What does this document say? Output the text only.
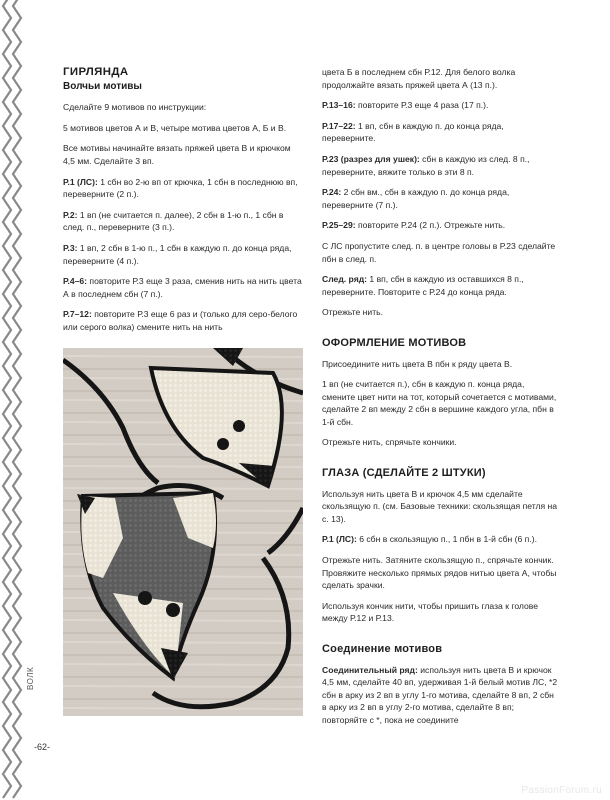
ГИРЛЯНДА
Волчьи мотивы

Сделайте 9 мотивов по инструкции:

5 мотивов цветов А и В, четыре мотива цветов А, Б и В.

Все мотивы начинайте вязать пряжей цвета В и крючком 4,5 мм. Сделайте 3 вп.

Р.1 (ЛС): 1 сбн во 2-ю вп от крючка, 1 сбн в последнюю вп, переверните (2 п.).

Р.2: 1 вп (не считается п. далее), 2 сбн в 1-ю п., 1 сбн в след. п., переверните (3 п.).

Р.3: 1 вп, 2 сбн в 1-ю п., 1 сбн в каждую п. до конца ряда, переверните (4 п.).

Р.4–6: повторите Р.3 еще 3 раза, сменив нить на нить цвета А в последнем сбн (7 п.).

Р.7–12: повторите Р.3 еще 6 раз и (только для серо-белого или серого волка) смените нить на нить

цвета Б в последнем сбн Р.12. Для белого волка продолжайте вязать пряжей цвета А (13 п.).

Р.13–16: повторите Р.3 еще 4 раза (17 п.).

Р.17–22: 1 вп, сбн в каждую п. до конца ряда, переверните.

Р.23 (разрез для ушек): сбн в каждую из след. 8 п., переверните, вяжите только в эти 8 п.

Р.24: 2 сбн вм., сбн в каждую п. до конца ряда, переверните (7 п.).

Р.25–29: повторите Р.24 (2 п.). Отрежьте нить.

С ЛС пропустите след. п. в центре головы в Р.23 сделайте пбн в след. п.

След. ряд: 1 вп, сбн в каждую из оставшихся 8 п., переверните. Повторите с Р.24 до конца ряда.

Отрежьте нить.

ОФОРМЛЕНИЕ МОТИВОВ

Присоедините нить цвета В пбн к ряду цвета В.

1 вп (не считается п.), сбн в каждую п. конца ряда, смените цвет нити на тот, который сочетается с мотивами, сделайте 2 вп между 2 сбн в вершине каждого угла, пбн в 1-й сбн.

Отрежьте нить, спрячьте кончики.

ГЛАЗА (СДЕЛАЙТЕ 2 ШТУКИ)

Используя нить цвета В и крючок 4,5 мм сделайте скользящую п. (см. Базовые техники: скользящая петля на с. 13).

Р.1 (ЛС): 6 сбн в скользящую п., 1 пбн в 1-й сбн (6 п.).

Отрежьте нить. Затяните скользящую п., спрячьте кончик. Провяжите несколько прямых рядов нитью цвета А, чтобы сделать зрачки.

Используя кончик нити, чтобы пришить глаза к голове между Р.12 и Р.13.

Соединение мотивов

Соединительный ряд: используя нить цвета В и крючок 4,5 мм, сделайте 40 вп, удерживая 1-й белый мотив ЛС, *2 сбн в арку из 2 вп в углу 1-го мотива, сделайте 8 вп, 2 сбн в арку из 2 вп в углу 2-го мотива, сделайте 8 вп; повторяйте с *, пока не соедините

ВОЛК
-62-
PassionForum.ru
